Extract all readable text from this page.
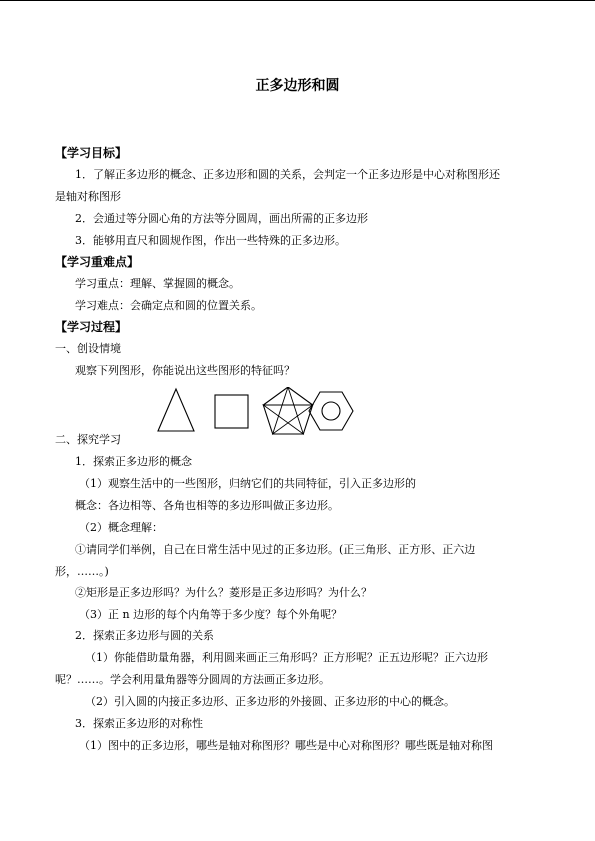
正多边形和圆
【学习目标】
1．了解正多边形的概念、正多边形和圆的关系，会判定一个正多边形是中心对称图形还
是轴对称图形
2．会通过等分圆心角的方法等分圆周，画出所需的正多边形
3．能够用直尺和圆规作图，作出一些特殊的正多边形。
【学习重难点】
学习重点：理解、掌握圆的概念。
学习难点：会确定点和圆的位置关系。
【学习过程】
一、创设情境
观察下列图形，你能说出这些图形的特征吗？
二、探究学习
1．探索正多边形的概念
（1）观察生活中的一些图形，归纳它们的共同特征，引入正多边形的
概念：各边相等、各角也相等的多边形叫做正多边形。
（2）概念理解：
①请同学们举例，自己在日常生活中见过的正多边形。(正三角形、正方形、正六边
形，……。)
②矩形是正多边形吗？为什么？菱形是正多边形吗？为什么？
（3）正 n 边形的每个内角等于多少度？每个外角呢？
2．探索正多边形与圆的关系
（1）你能借助量角器，利用圆来画正三角形吗？正方形呢？正五边形呢？正六边形
呢？……。学会利用量角器等分圆周的方法画正多边形。
（2）引入圆的内接正多边形、正多边形的外接圆、正多边形的中心的概念。
3．探索正多边形的对称性
（1）图中的正多边形，哪些是轴对称图形？哪些是中心对称图形？哪些既是轴对称图
